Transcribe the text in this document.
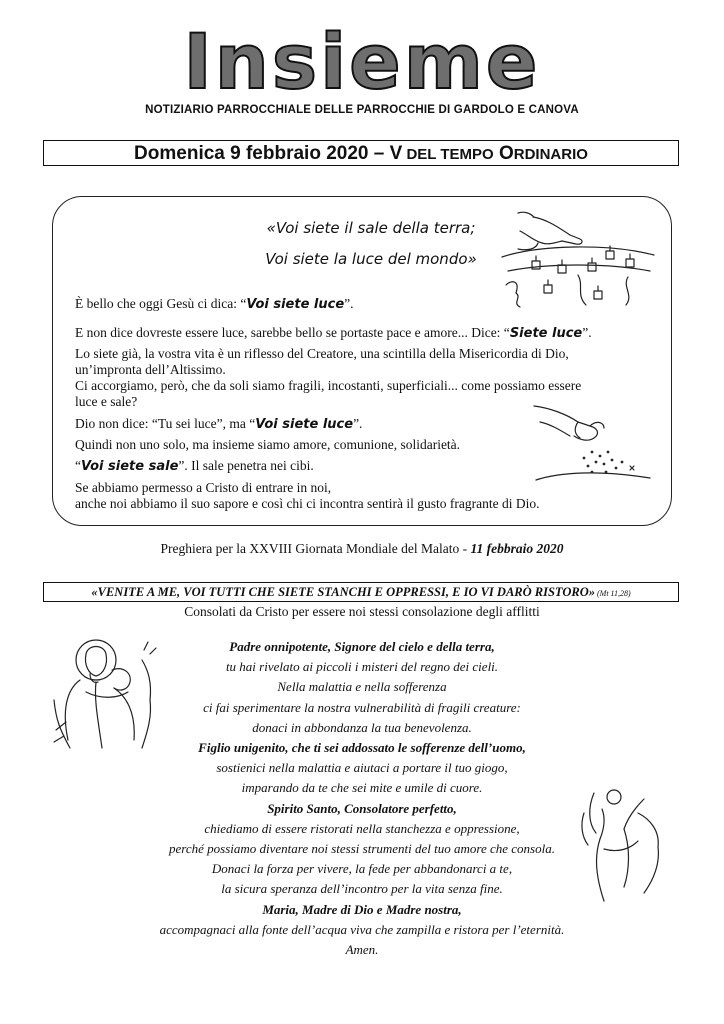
Insieme
NOTIZIARIO PARROCCHIALE DELLE PARROCCHIE DI GARDOLO E CANOVA
Domenica 9 febbraio 2020 – V DEL TEMPO ORDINARIO
«Voi siete il sale della terra;
Voi siete la luce del mondo»
È bello che oggi Gesù ci dica: “Voi siete luce”.
E non dice dovreste essere luce, sarebbe bello se portaste pace e amore... Dice: “Siete luce”.
Lo siete già, la vostra vita è un riflesso del Creatore, una scintilla della Misericordia di Dio,
un’impronta dell’Altissimo.
Ci accorgiamo, però, che da soli siamo fragili, incostanti, superficiali... come possiamo essere
luce e sale?
Dio non dice: “Tu sei luce”, ma “Voi siete luce”.
Quindi non uno solo, ma insieme siamo amore, comunione, solidarietà.
“Voi siete sale”. Il sale penetra nei cibi.
Se abbiamo permesso a Cristo di entrare in noi,
anche noi abbiamo il suo sapore e così chi ci incontra sentirà il gusto fragrante di Dio.
Preghiera per la XXVIII Giornata Mondiale del Malato - 11 febbraio 2020
«VENITE A ME, VOI TUTTI CHE SIETE STANCHI E OPPRESSI, E IO VI DARÒ RISTORO» (Mt 11,28)
Consolati da Cristo per essere noi stessi consolazione degli afflitti
Padre onnipotente, Signore del cielo e della terra,
tu hai rivelato ai piccoli i misteri del regno dei cieli.
Nella malattia e nella sofferenza
ci fai sperimentare la nostra vulnerabilità di fragili creature:
donaci in abbondanza la tua benevolenza.
Figlio unigenito, che ti sei addossato le sofferenze dell’uomo,
sostienici nella malattia e aiutaci a portare il tuo giogo,
imparando da te che sei mite e umile di cuore.
Spirito Santo, Consolatore perfetto,
chiediamo di essere ristorati nella stanchezza e oppressione,
perché possiamo diventare noi stessi strumenti del tuo amore che consola.
Donaci la forza per vivere, la fede per abbandonarci a te,
la sicura speranza dell’incontro per la vita senza fine.
Maria, Madre di Dio e Madre nostra,
accompagnaci alla fonte dell’acqua viva che zampilla e ristora per l’eternità.
Amen.
